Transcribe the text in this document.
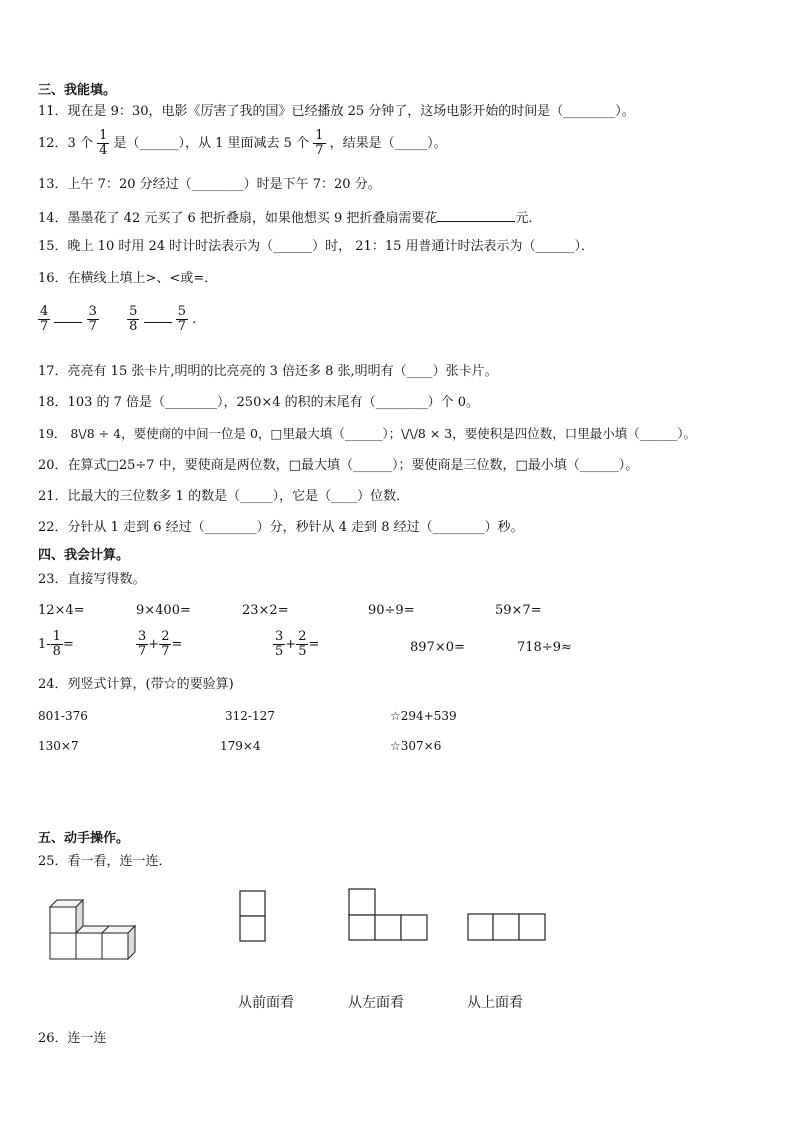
三、我能填。
11．现在是 9：30，电影《厉害了我的国》已经播放 25 分钟了，这场电影开始的时间是（________）。
12．3 个 $\frac{1}{4}$ 是（______），从 1 里面减去 5 个 $\frac{1}{7}$ ，结果是（_____）。
13．上午 7：20 分经过（________）时是下午 7：20 分。
14．墨墨花了 42 元买了 6 把折叠扇，如果他想买 9 把折叠扇需要花	元．
15．晚上 10 时用 24 时计时法表示为（______）时， 21：15 用普通计时法表示为（______）．
16．在横线上填上>、<或=．
$\frac{4}{7}$
	$\frac{3}{7}$
$\frac{5}{8}$
	$\frac{5}{7}$ .
17．亮亮有 15 张卡片,明明的比亮亮的 3 倍还多 8 张,明明有（____）张卡片。
18．103 的 7 倍是（________），250×4 的积的末尾有（________）个 0。
19． 8\/8 ÷ 4，要使商的中间一位是 0，□里最大填（______）；\/\/8 × 3，要使积是四位数，口里最小填（______）。
20．在算式□25÷7 中，要使商是两位数，□最大填（______）；要使商是三位数，□最小填（______）。
21．比最大的三位数多 1 的数是（_____），它是（____）位数．
22．分针从 1 走到 6 经过（________）分，秒针从 4 走到 8 经过（________）秒。
四、我会计算。
23．直接写得数。
12×4=	9×400=	23×2=	90÷9=	59×7=
$1- \frac{1}{8}$ =	$\frac{3}{7} + \frac{2}{7}$ =	$\frac{3}{5} + \frac{2}{5}$ =	897×0=	718÷9≈
24．列竖式计算，(带☆的要验算)
801-376	312-127	☆294+539
130×7	179×4	☆307×6
五、动手操作。
25．看一看，连一连．
从前面看	从左面看	从上面看
26．连一连
